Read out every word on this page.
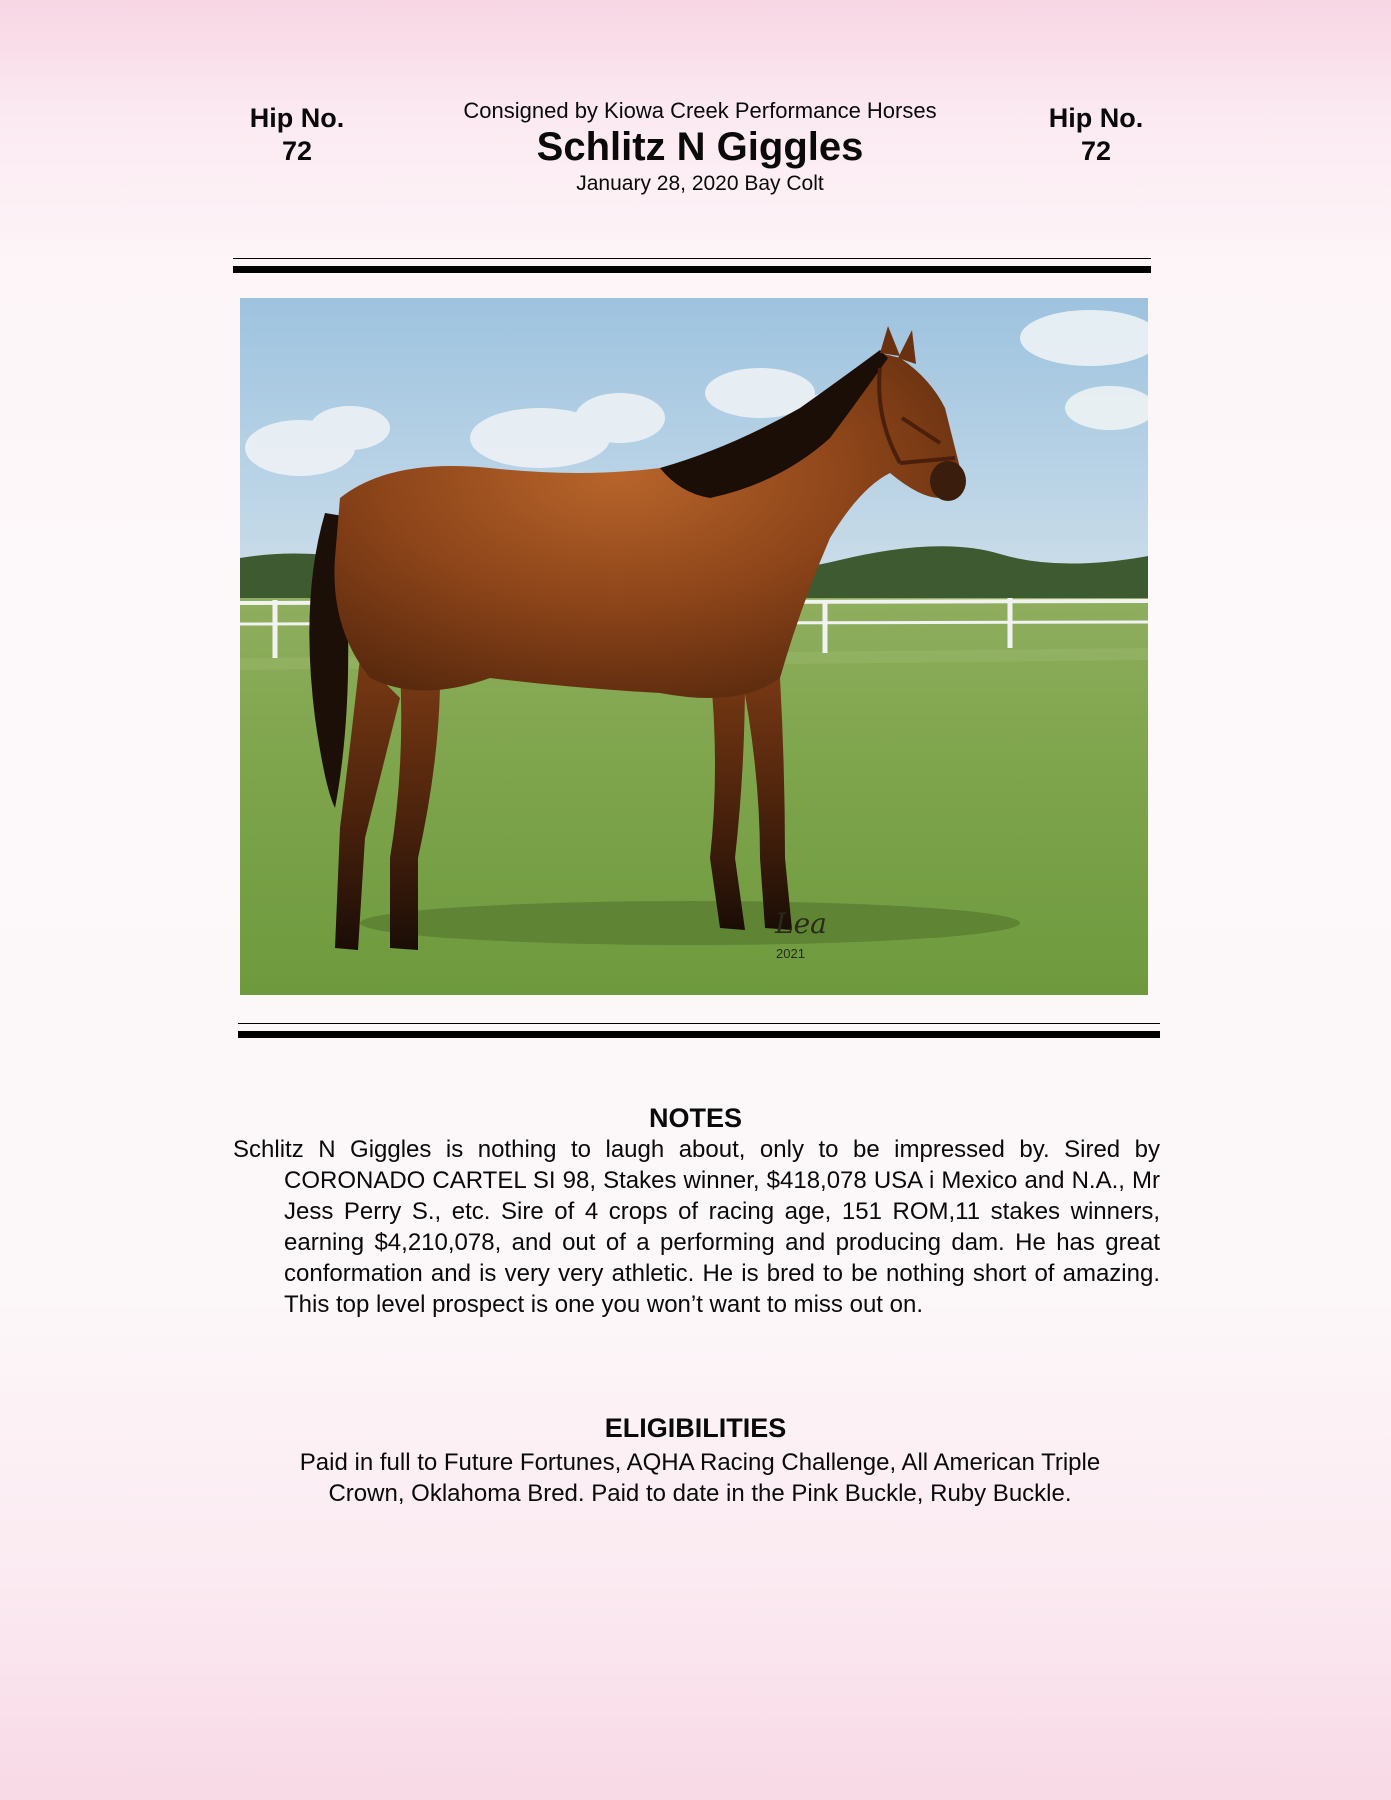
Hip No.
72
Hip No.
72
Consigned by Kiowa Creek Performance Horses
Schlitz N Giggles
January 28, 2020 Bay Colt
Lea
2021
NOTES
Schlitz N Giggles is nothing to laugh about, only to be impressed by. Sired by CORONADO CARTEL SI 98, Stakes winner, $418,078 USA i Mexico and N.A., Mr Jess Perry S., etc. Sire of 4 crops of racing age, 151 ROM,11 stakes winners, earning $4,210,078, and out of a performing and producing dam. He has great conformation and is very very athletic. He is bred to be nothing short of amazing. This top level prospect is one you won’t want to miss out on.
ELIGIBILITIES
Paid in full to Future Fortunes, AQHA Racing Challenge, All American Triple
Crown, Oklahoma Bred. Paid to date in the Pink Buckle, Ruby Buckle.
